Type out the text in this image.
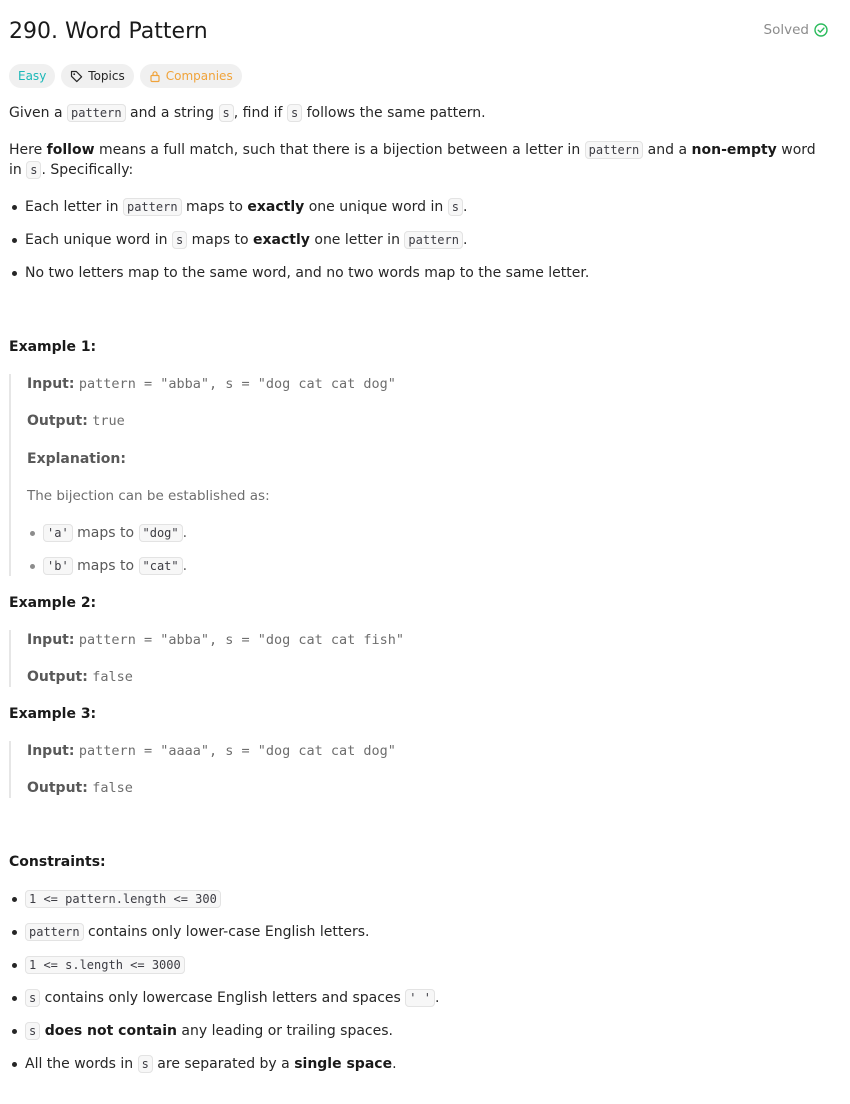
290. Word Pattern	Solved
Easy	Topics	Companies

Given a pattern and a string s , find if s follows the same pattern.

Here follow means a full match, such that there is a bijection between a letter in pattern and a non-empty word in s . Specifically:

Each letter in pattern maps to exactly one unique word in s .
Each unique word in s maps to exactly one letter in pattern .
No two letters map to the same word, and no two words map to the same letter.
Example 1:
Input: pattern = "abba", s = "dog cat cat dog"
Output: true
Explanation:
The bijection can be established as:
'a' maps to "dog" .
'b' maps to "cat" .
Example 2:
Input: pattern = "abba", s = "dog cat cat fish"
Output: false
Example 3:
Input: pattern = "aaaa", s = "dog cat cat dog"
Output: false
Constraints:
1 <= pattern.length <= 300
pattern contains only lower-case English letters.
1 <= s.length <= 3000
s contains only lowercase English letters and spaces ' ' .
s does not contain any leading or trailing spaces.
All the words in s are separated by a single space.
